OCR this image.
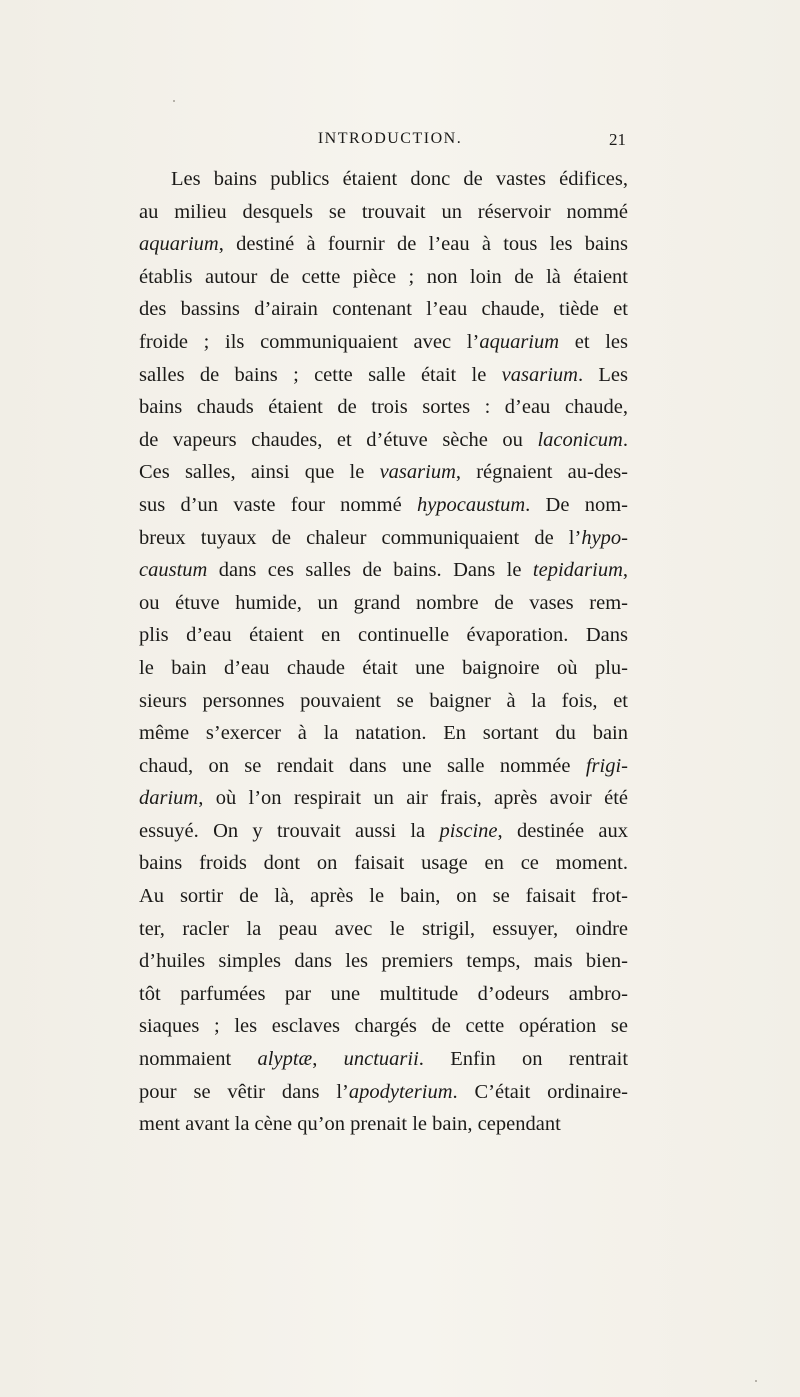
INTRODUCTION.	21
Les bains publics étaient donc de vastes édifices,
au milieu desquels se trouvait un réservoir nommé
aquarium, destiné à fournir de l’eau à tous les bains
établis autour de cette pièce ; non loin de là étaient
des bassins d’airain contenant l’eau chaude, tiède et
froide ; ils communiquaient avec l’aquarium et les
salles de bains ; cette salle était le vasarium. Les
bains chauds étaient de trois sortes : d’eau chaude,
de vapeurs chaudes, et d’étuve sèche ou laconicum.
Ces salles, ainsi que le vasarium, régnaient au-des-
sus d’un vaste four nommé hypocaustum. De nom-
breux tuyaux de chaleur communiquaient de l’hypo-
caustum dans ces salles de bains. Dans le tepidarium,
ou étuve humide, un grand nombre de vases rem-
plis d’eau étaient en continuelle évaporation. Dans
le bain d’eau chaude était une baignoire où plu-
sieurs personnes pouvaient se baigner à la fois, et
même s’exercer à la natation. En sortant du bain
chaud, on se rendait dans une salle nommée frigi-
darium, où l’on respirait un air frais, après avoir été
essuyé. On y trouvait aussi la piscine, destinée aux
bains froids dont on faisait usage en ce moment.
Au sortir de là, après le bain, on se faisait frot-
ter, racler la peau avec le strigil, essuyer, oindre
d’huiles simples dans les premiers temps, mais bien-
tôt parfumées par une multitude d’odeurs ambro-
siaques ; les esclaves chargés de cette opération se
nommaient alyptæ, unctuarii. Enfin on rentrait
pour se vêtir dans l’apodyterium. C’était ordinaire-
ment avant la cène qu’on prenait le bain, cependant
